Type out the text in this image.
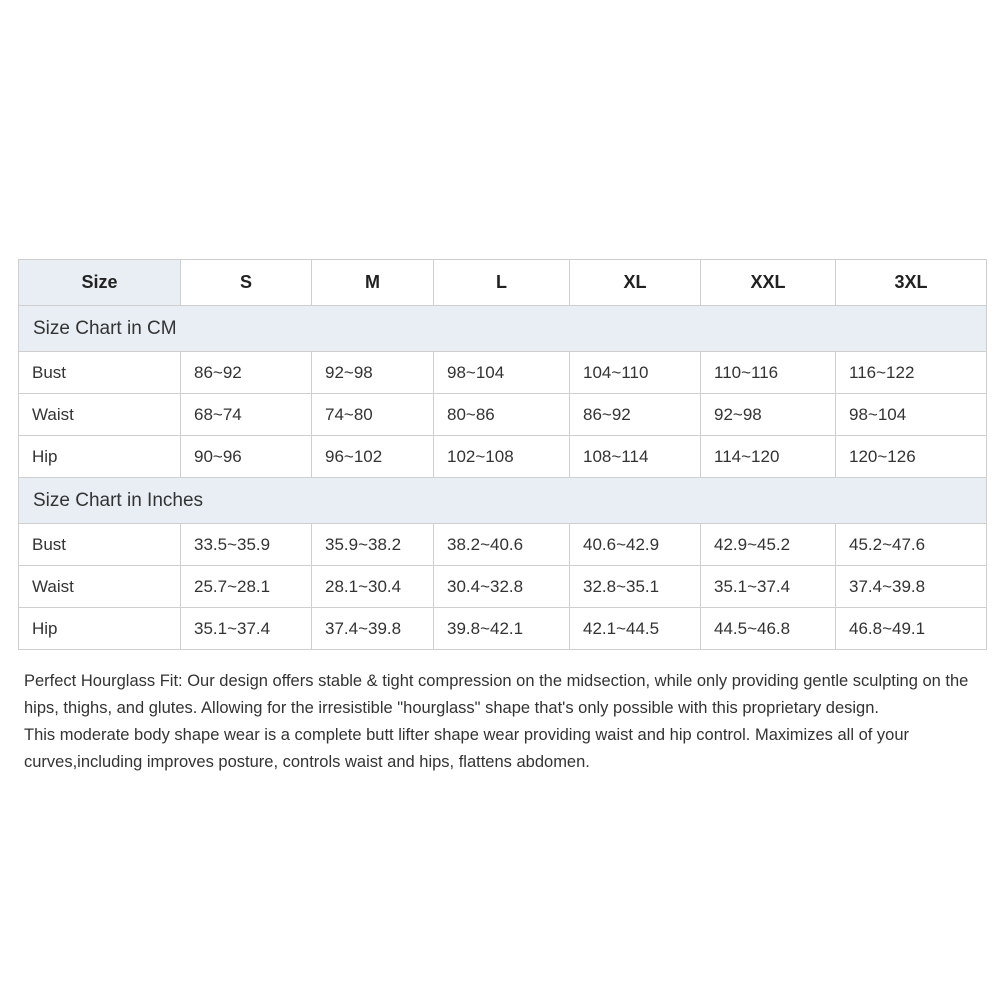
Size	S	M	L	XL	XXL	3XL
Size Chart in CM						
Bust	86~92	92~98	98~104	104~110	110~116	116~122
Waist	68~74	74~80	80~86	86~92	92~98	98~104
Hip	90~96	96~102	102~108	108~114	114~120	120~126
Size Chart in Inches						
Bust	33.5~35.9	35.9~38.2	38.2~40.6	40.6~42.9	42.9~45.2	45.2~47.6
Waist	25.7~28.1	28.1~30.4	30.4~32.8	32.8~35.1	35.1~37.4	37.4~39.8
Hip	35.1~37.4	37.4~39.8	39.8~42.1	42.1~44.5	44.5~46.8	46.8~49.1

Perfect Hourglass Fit: Our design offers stable & tight compression on the midsection, while only providing gentle sculpting on the hips, thighs, and glutes. Allowing for the irresistible "hourglass" shape that's only possible with this proprietary design.

This moderate body shape wear is a complete butt lifter shape wear providing waist and hip control. Maximizes all of your curves,including improves posture, controls waist and hips, flattens abdomen.
